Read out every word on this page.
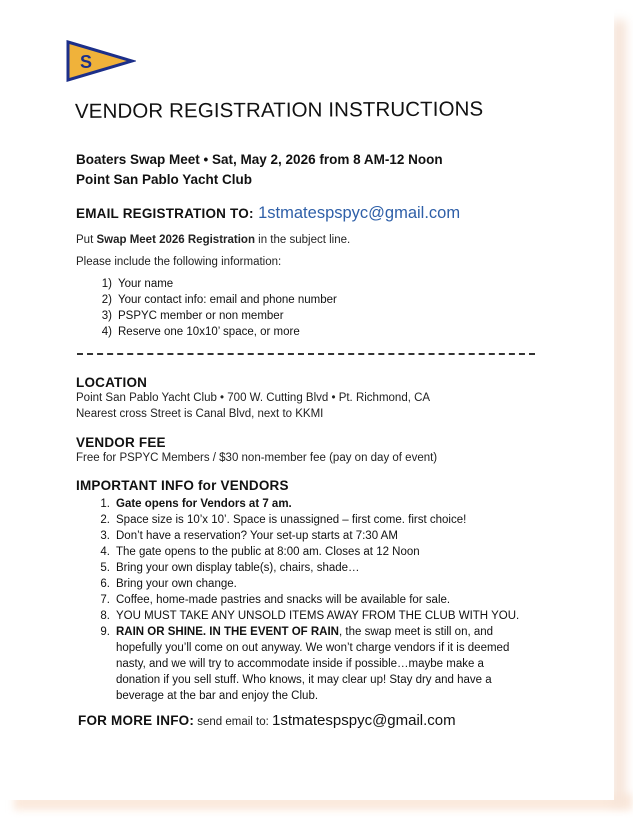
S
VENDOR REGISTRATION INSTRUCTIONS
Boaters Swap Meet • Sat, May 2, 2026 from 8 AM-12 Noon
Point San Pablo Yacht Club
EMAIL REGISTRATION TO: 1stmatespspyc@gmail.com
Put Swap Meet 2026 Registration in the subject line.
Please include the following information:
1) Your name
2) Your contact info: email and phone number
3) PSPYC member or non member
4) Reserve one 10x10’ space, or more
LOCATION
Point San Pablo Yacht Club • 700 W. Cutting Blvd • Pt. Richmond, CA
Nearest cross Street is Canal Blvd, next to KKMI
VENDOR FEE
Free for PSPYC Members / $30 non-member fee (pay on day of event)
IMPORTANT INFO for VENDORS
1. Gate opens for Vendors at 7 am.
2. Space size is 10’x 10’. Space is unassigned – first come. first choice!
3. Don’t have a reservation? Your set-up starts at 7:30 AM
4. The gate opens to the public at 8:00 am. Closes at 12 Noon
5. Bring your own display table(s), chairs, shade…
6. Bring your own change.
7. Coffee, home-made pastries and snacks will be available for sale.
8. YOU MUST TAKE ANY UNSOLD ITEMS AWAY FROM THE CLUB WITH YOU.
9. RAIN OR SHINE. IN THE EVENT OF RAIN, the swap meet is still on, and hopefully you’ll come on out anyway. We won’t charge vendors if it is deemed nasty, and we will try to accommodate inside if possible…maybe make a donation if you sell stuff. Who knows, it may clear up! Stay dry and have a beverage at the bar and enjoy the Club.
FOR MORE INFO: send email to: 1stmatespspyc@gmail.com
